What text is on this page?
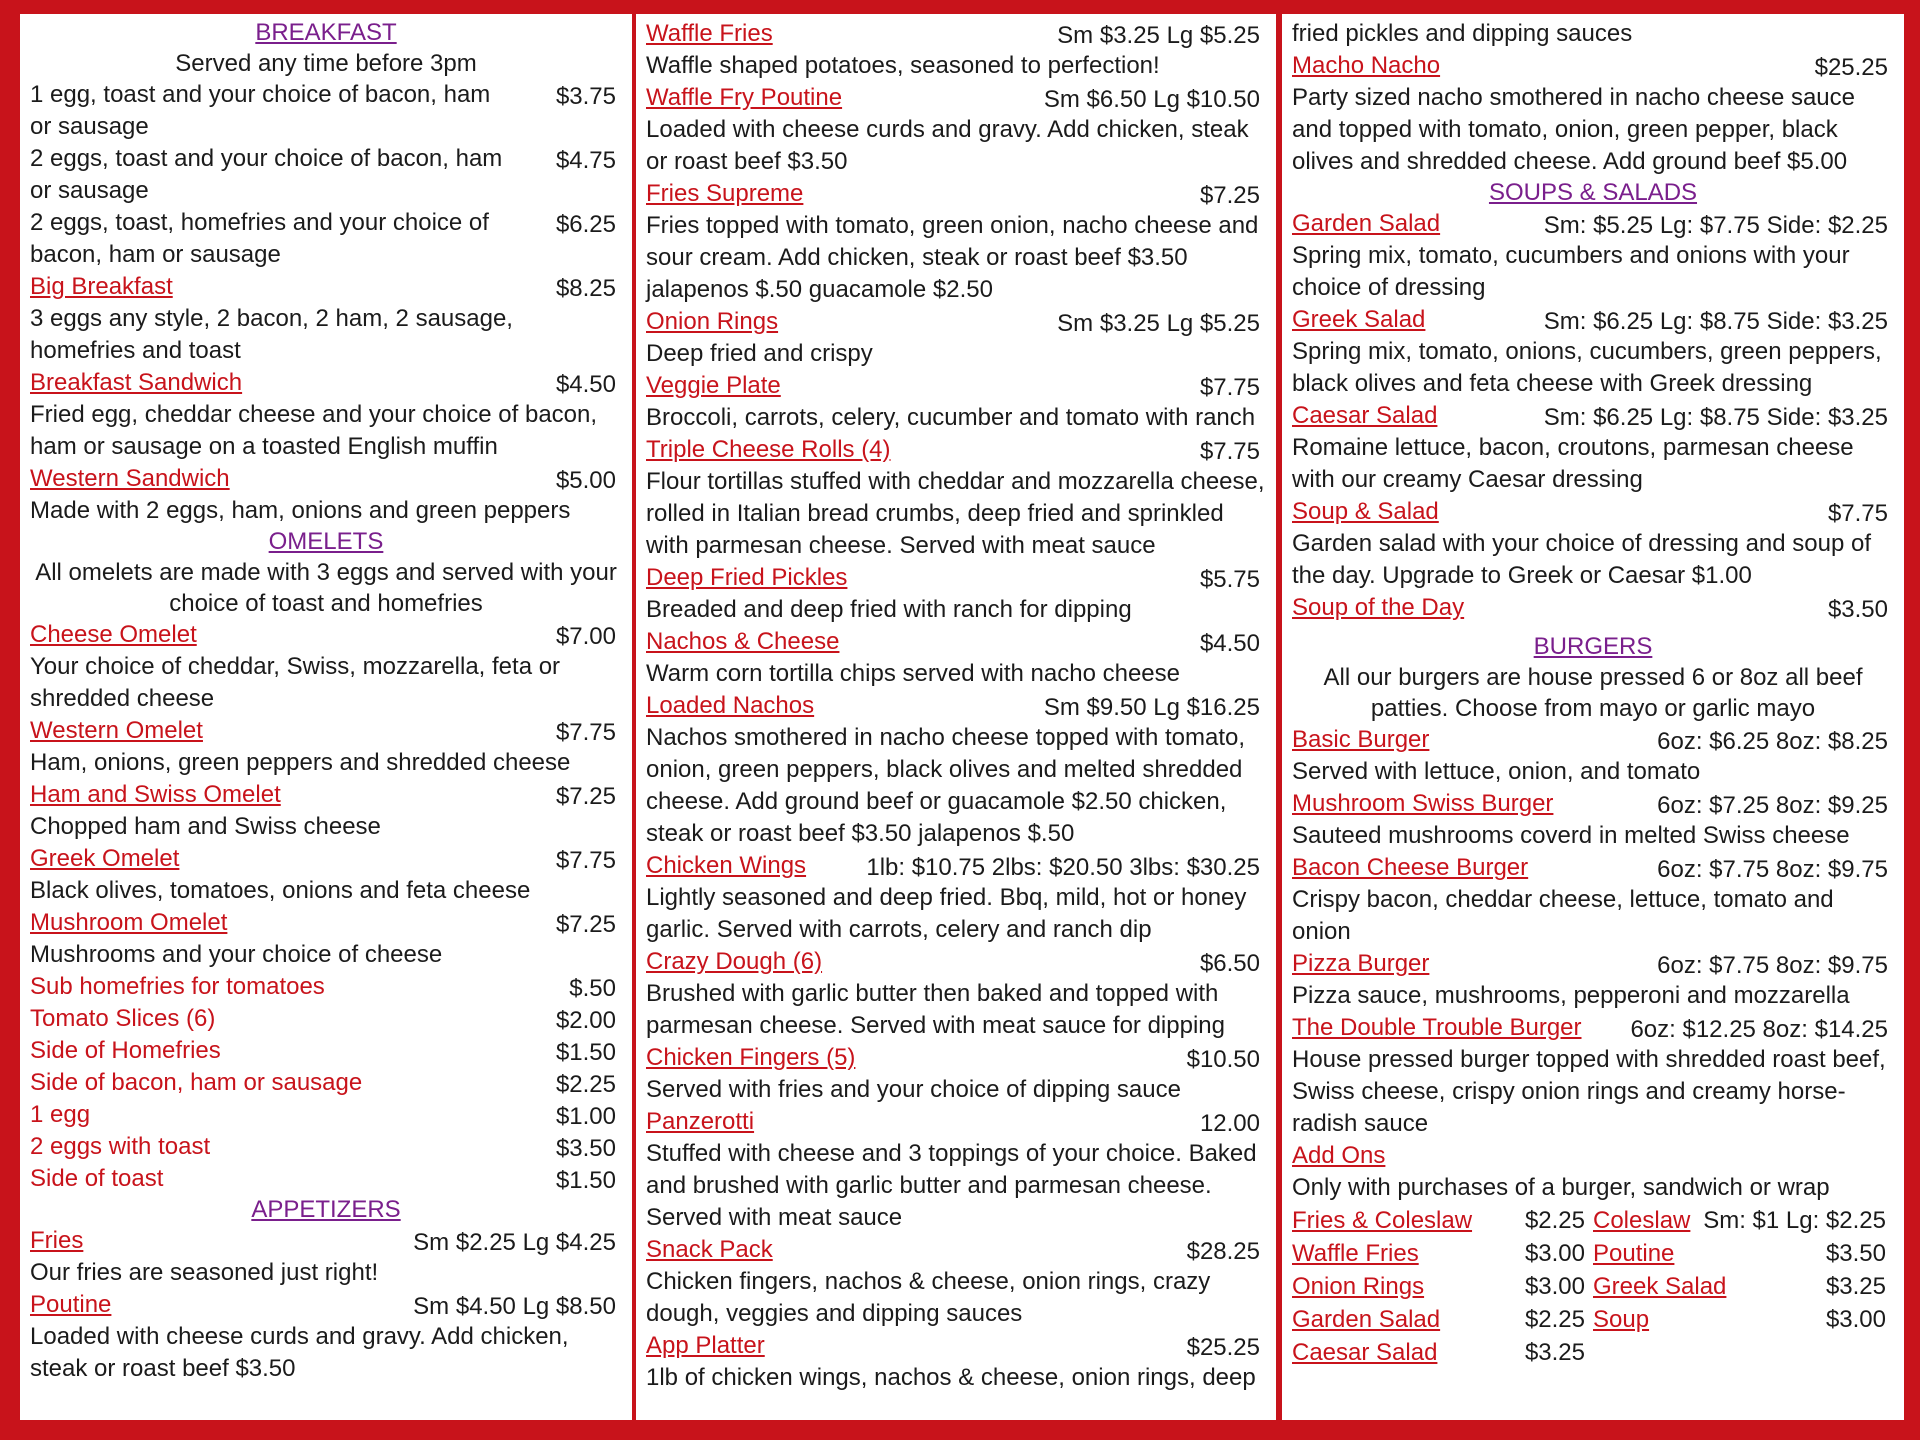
BREAKFAST
Served any time before 3pm
1 egg, toast and your choice of bacon, ham or sausage
$3.75
2 eggs, toast and your choice of bacon, ham or sausage
$4.75
2 eggs, toast, homefries and your choice of bacon, ham or sausage
$6.25
Big Breakfast	$8.25
3 eggs any style, 2 bacon, 2 ham, 2 sausage, homefries and toast
Breakfast Sandwich	$4.50
Fried egg, cheddar cheese and your choice of bacon, ham or sausage on a toasted English muffin
Western Sandwich	$5.00
Made with 2 eggs, ham, onions and green peppers
OMELETS
All omelets are made with 3 eggs and served with your choice of toast and homefries
Cheese Omelet	$7.00
Your choice of cheddar, Swiss, mozzarella, feta or shredded cheese
Western Omelet	$7.75
Ham, onions, green peppers and shredded cheese
Ham and Swiss Omelet	$7.25
Chopped ham and Swiss cheese
Greek Omelet	$7.75
Black olives, tomatoes, onions and feta cheese
Mushroom Omelet	$7.25
Mushrooms and your choice of cheese
Sub homefries for tomatoes	$.50
Tomato Slices (6)	$2.00
Side of Homefries	$1.50
Side of bacon, ham or sausage	$2.25
1 egg	$1.00
2 eggs with toast	$3.50
Side of toast	$1.50
APPETIZERS
Fries	Sm $2.25 Lg $4.25
Our fries are seasoned just right!
Poutine	Sm $4.50 Lg $8.50
Loaded with cheese curds and gravy. Add chicken, steak or roast beef $3.50
Waffle Fries	Sm $3.25 Lg $5.25
Waffle shaped potatoes, seasoned to perfection!
Waffle Fry Poutine	Sm $6.50 Lg $10.50
Loaded with cheese curds and gravy. Add chicken, steak or roast beef $3.50
Fries Supreme	$7.25
Fries topped with tomato, green onion, nacho cheese and sour cream. Add chicken, steak or roast beef $3.50 jalapenos $.50 guacamole $2.50
Onion Rings	Sm $3.25 Lg $5.25
Deep fried and crispy
Veggie Plate	$7.75
Broccoli, carrots, celery, cucumber and tomato with ranch
Triple Cheese Rolls (4)	$7.75
Flour tortillas stuffed with cheddar and mozzarella cheese, rolled in Italian bread crumbs, deep fried and sprinkled with parmesan cheese. Served with meat sauce
Deep Fried Pickles	$5.75
Breaded and deep fried with ranch for dipping
Nachos & Cheese	$4.50
Warm corn tortilla chips served with nacho cheese
Loaded Nachos	Sm $9.50 Lg $16.25
Nachos smothered in nacho cheese topped with tomato, onion, green peppers, black olives and melted shredded cheese. Add ground beef or guacamole $2.50 chicken, steak or roast beef $3.50 jalapenos $.50
Chicken Wings	1lb: $10.75 2lbs: $20.50 3lbs: $30.25
Lightly seasoned and deep fried. Bbq, mild, hot or honey garlic. Served with carrots, celery and ranch dip
Crazy Dough (6)	$6.50
Brushed with garlic butter then baked and topped with parmesan cheese. Served with meat sauce for dipping
Chicken Fingers (5)	$10.50
Served with fries and your choice of dipping sauce
Panzerotti	12.00
Stuffed with cheese and 3 toppings of your choice. Baked and brushed with garlic butter and parmesan cheese. Served with meat sauce
Snack Pack	$28.25
Chicken fingers, nachos & cheese, onion rings, crazy dough, veggies and dipping sauces
App Platter	$25.25
1lb of chicken wings, nachos & cheese, onion rings, deep
fried pickles and dipping sauces
Macho Nacho	$25.25
Party sized nacho smothered in nacho cheese sauce and topped with tomato, onion, green pepper, black olives and shredded cheese. Add ground beef $5.00
SOUPS & SALADS
Garden Salad	Sm: $5.25 Lg: $7.75 Side: $2.25
Spring mix, tomato, cucumbers and onions with your choice of dressing
Greek Salad	Sm: $6.25 Lg: $8.75 Side: $3.25
Spring mix, tomato, onions, cucumbers, green peppers, black olives and feta cheese with Greek dressing
Caesar Salad	Sm: $6.25 Lg: $8.75 Side: $3.25
Romaine lettuce, bacon, croutons, parmesan cheese with our creamy Caesar dressing
Soup & Salad	$7.75
Garden salad with your choice of dressing and soup of the day. Upgrade to Greek or Caesar $1.00
Soup of the Day	$3.50
BURGERS
All our burgers are house pressed 6 or 8oz all beef patties. Choose from mayo or garlic mayo
Basic Burger	6oz: $6.25 8oz: $8.25
Served with lettuce, onion, and tomato
Mushroom Swiss Burger	6oz: $7.25 8oz: $9.25
Sauteed mushrooms coverd in melted Swiss cheese
Bacon Cheese Burger	6oz: $7.75 8oz: $9.75
Crispy bacon, cheddar cheese, lettuce, tomato and onion
Pizza Burger	6oz: $7.75 8oz: $9.75
Pizza sauce, mushrooms, pepperoni and mozzarella
The Double Trouble Burger 6oz: $12.25 8oz: $14.25
House pressed burger topped with shredded roast beef, Swiss cheese, crispy onion rings and creamy horse-radish sauce
Add Ons
Only with purchases of a burger, sandwich or wrap
Fries & Coleslaw $2.25 Coleslaw Sm: $1 Lg: $2.25
Waffle Fries	$3.00 Poutine	$3.50
Onion Rings	$3.00 Greek Salad	$3.25
Garden Salad	$2.25 Soup	$3.00
Caesar Salad	$3.25
